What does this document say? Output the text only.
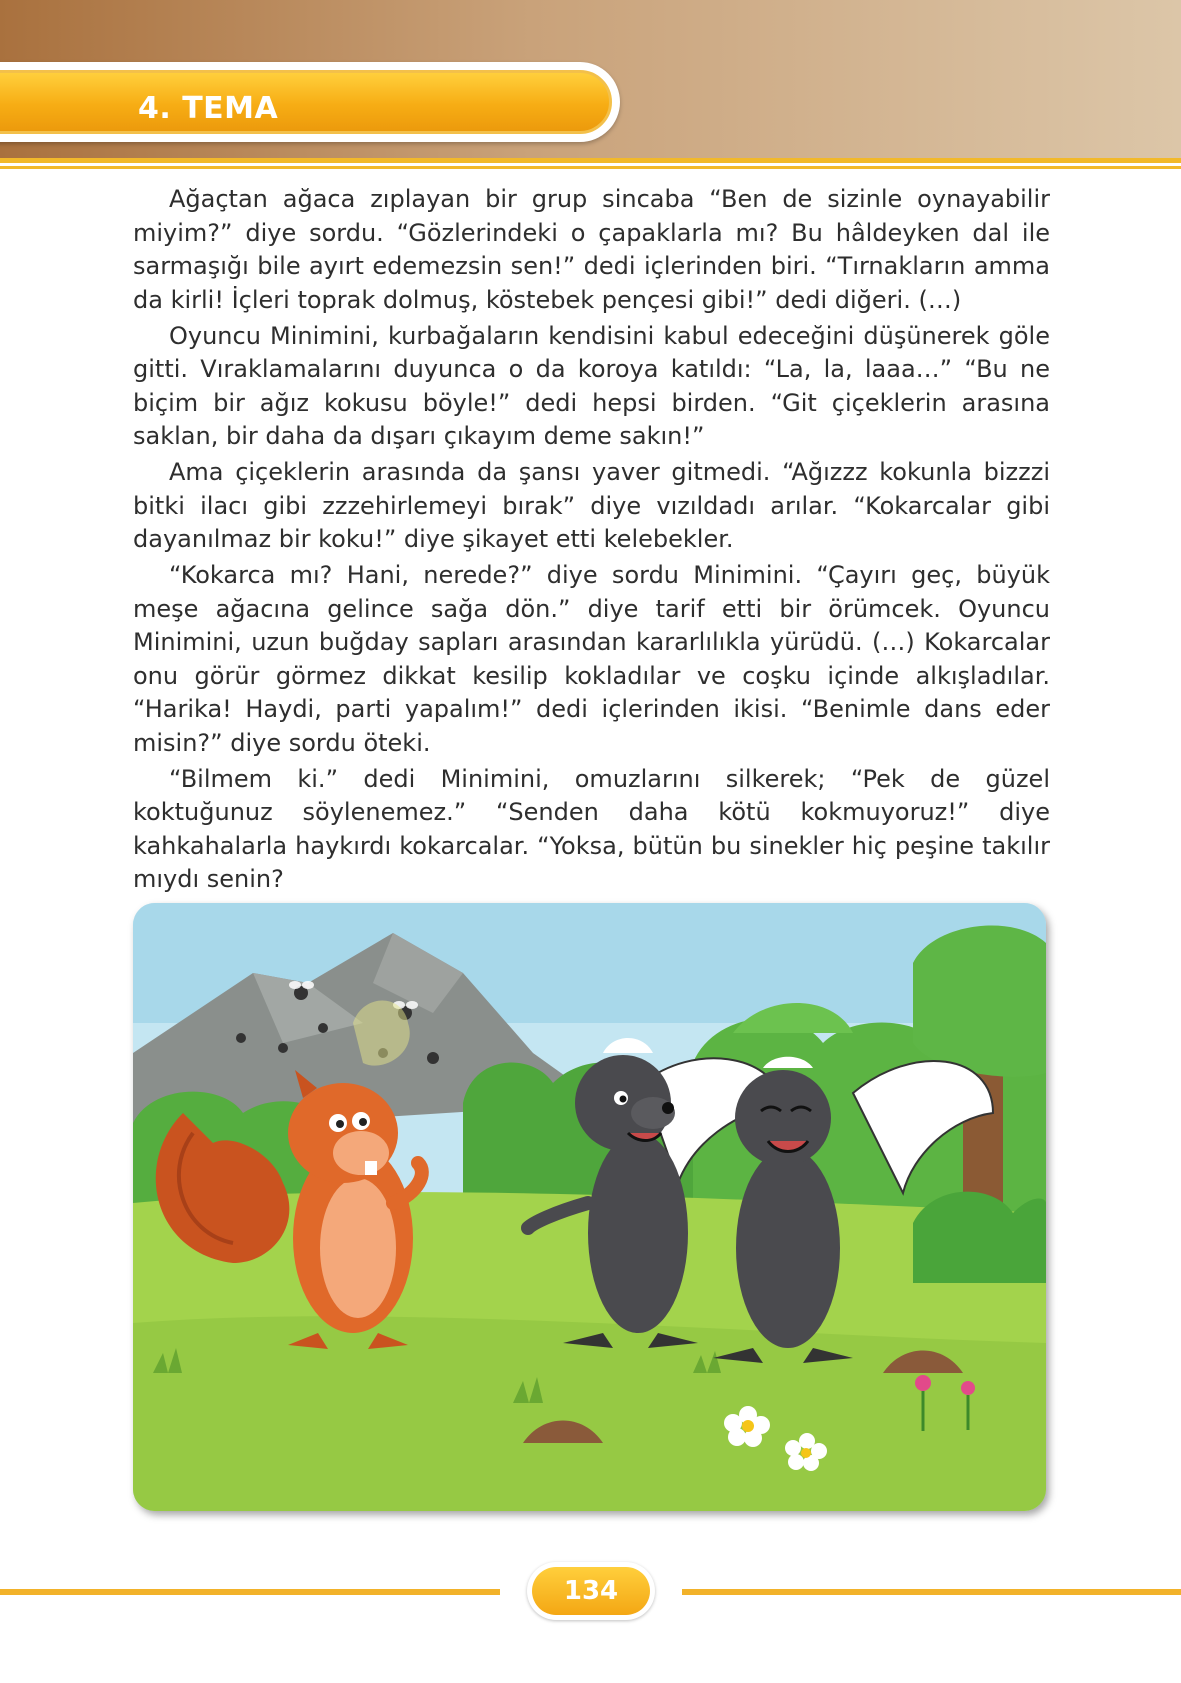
4. TEMA

Ağaçtan ağaca zıplayan bir grup sincaba “Ben de sizinle oynayabilir miyim?” diye sordu. “Gözlerindeki o çapaklarla mı? Bu hâldeyken dal ile sarmaşığı bile ayırt edemezsin sen!” dedi içlerinden biri. “Tırnakların amma da kirli! İçleri toprak dolmuş, köstebek pençesi gibi!” dedi diğeri. (…)

Oyuncu Minimini, kurbağaların kendisini kabul edeceğini düşünerek göle gitti. Vıraklamalarını duyunca o da koroya katıldı: “La, la, laaa…” “Bu ne biçim bir ağız kokusu böyle!” dedi hepsi birden. “Git çiçeklerin arasına saklan, bir daha da dışarı çıkayım deme sakın!”

Ama çiçeklerin arasında da şansı yaver gitmedi. “Ağızzz kokunla bizzzi bitki ilacı gibi zzzehirlemeyi bırak” diye vızıldadı arılar. “Kokarcalar gibi dayanılmaz bir koku!” diye şikayet etti kelebekler.

“Kokarca mı? Hani, nerede?” diye sordu Minimini. “Çayırı geç, büyük meşe ağacına gelince sağa dön.” diye tarif etti bir örümcek. Oyuncu Minimini, uzun buğday sapları arasından kararlılıkla yürüdü. (…) Kokarcalar onu görür görmez dikkat kesilip kokladılar ve coşku içinde alkışladılar. “Harika! Haydi, parti yapalım!” dedi içlerinden ikisi. “Benimle dans eder misin?” diye sordu öteki.

“Bilmem ki.” dedi Minimini, omuzlarını silkerek; “Pek de güzel koktuğunuz söylenemez.” “Senden daha kötü kokmuyoruz!” diye kahkahalarla haykırdı kokarcalar. “Yoksa, bütün bu sinekler hiç peşine takılır mıydı senin?

134
